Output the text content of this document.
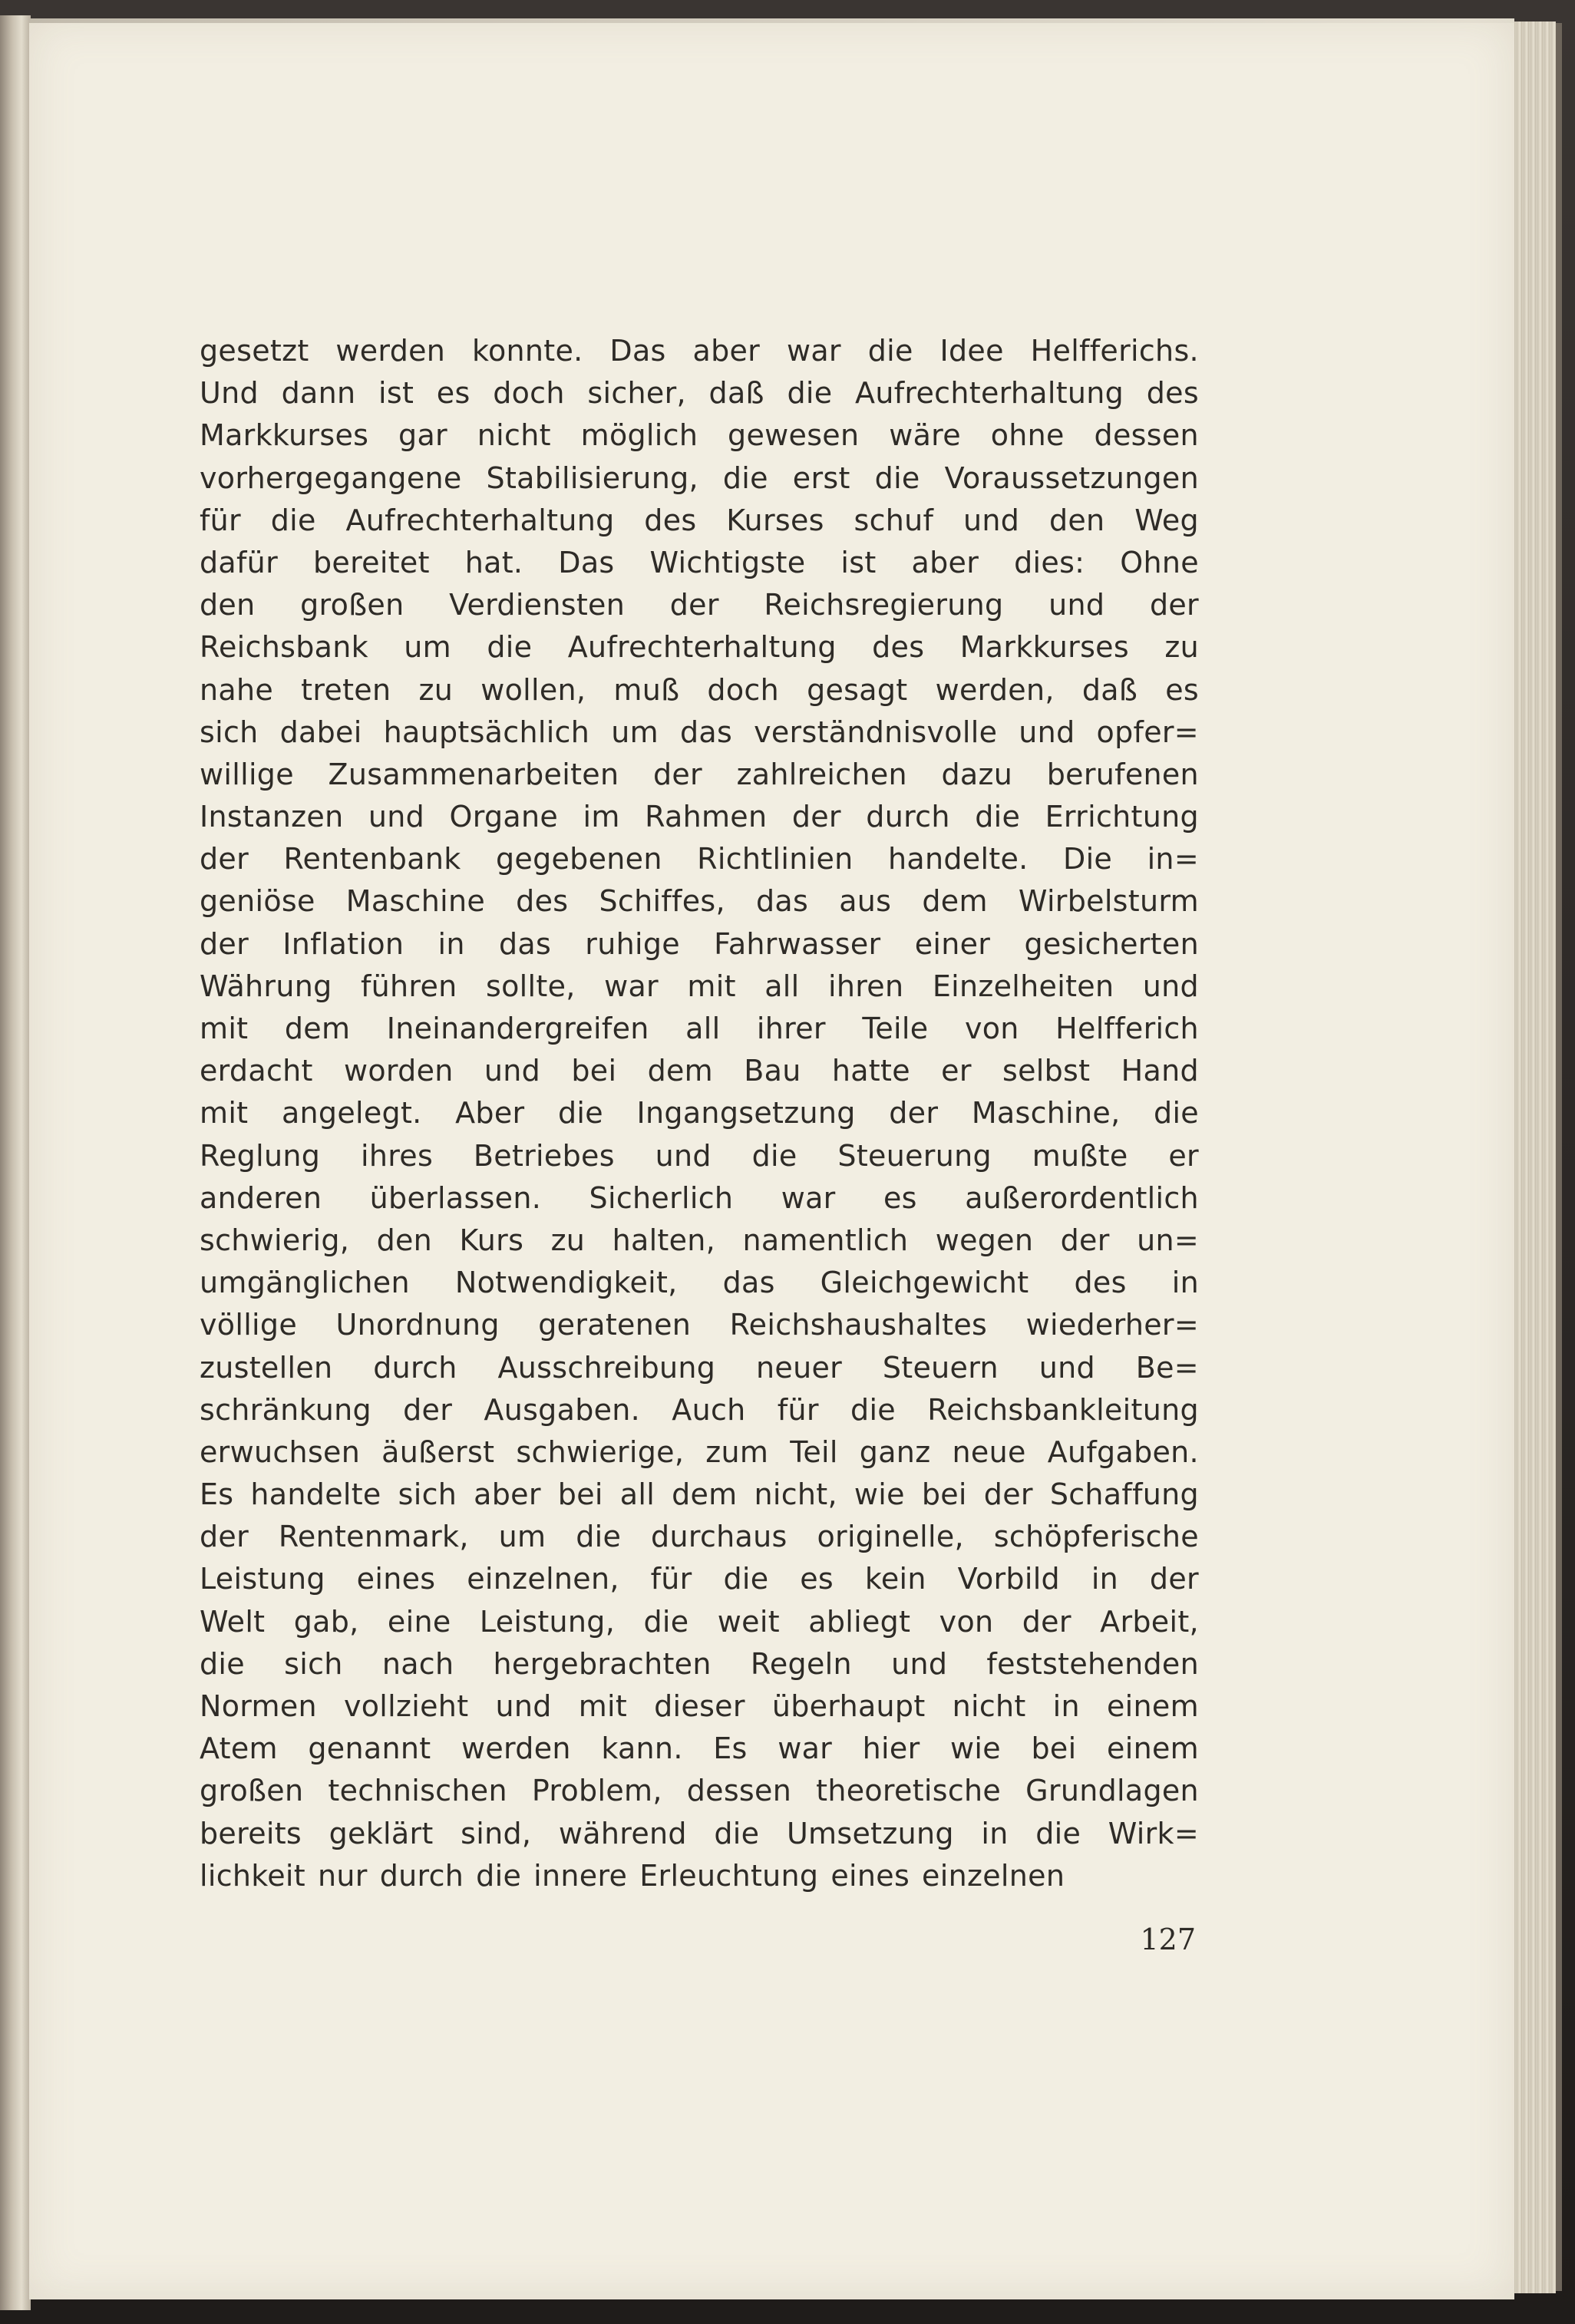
gesetzt werden konnte. Das aber war die Idee Helfferichs.
Und dann ist es doch sicher, daß die Aufrechterhaltung des
Markkurses gar nicht möglich gewesen wäre ohne dessen
vorhergegangene Stabilisierung, die erst die Voraussetzungen
für die Aufrechterhaltung des Kurses schuf und den Weg
dafür bereitet hat. Das Wichtigste ist aber dies: Ohne
den großen Verdiensten der Reichsregierung und der
Reichsbank um die Aufrechterhaltung des Markkurses zu
nahe treten zu wollen, muß doch gesagt werden, daß es
sich dabei hauptsächlich um das verständnisvolle und opfer=
willige Zusammenarbeiten der zahlreichen dazu berufenen
Instanzen und Organe im Rahmen der durch die Errichtung
der Rentenbank gegebenen Richtlinien handelte. Die in=
geniöse Maschine des Schiffes, das aus dem Wirbelsturm
der Inflation in das ruhige Fahrwasser einer gesicherten
Währung führen sollte, war mit all ihren Einzelheiten und
mit dem Ineinandergreifen all ihrer Teile von Helfferich
erdacht worden und bei dem Bau hatte er selbst Hand
mit angelegt. Aber die Ingangsetzung der Maschine, die
Reglung ihres Betriebes und die Steuerung mußte er
anderen überlassen. Sicherlich war es außerordentlich
schwierig, den Kurs zu halten, namentlich wegen der un=
umgänglichen Notwendigkeit, das Gleichgewicht des in
völlige Unordnung geratenen Reichshaushaltes wiederher=
zustellen durch Ausschreibung neuer Steuern und Be=
schränkung der Ausgaben. Auch für die Reichsbankleitung
erwuchsen äußerst schwierige, zum Teil ganz neue Aufgaben.
Es handelte sich aber bei all dem nicht, wie bei der Schaffung
der Rentenmark, um die durchaus originelle, schöpferische
Leistung eines einzelnen, für die es kein Vorbild in der
Welt gab, eine Leistung, die weit abliegt von der Arbeit,
die sich nach hergebrachten Regeln und feststehenden
Normen vollzieht und mit dieser überhaupt nicht in einem
Atem genannt werden kann. Es war hier wie bei einem
großen technischen Problem, dessen theoretische Grundlagen
bereits geklärt sind, während die Umsetzung in die Wirk=
lichkeit nur durch die innere Erleuchtung eines einzelnen
127
